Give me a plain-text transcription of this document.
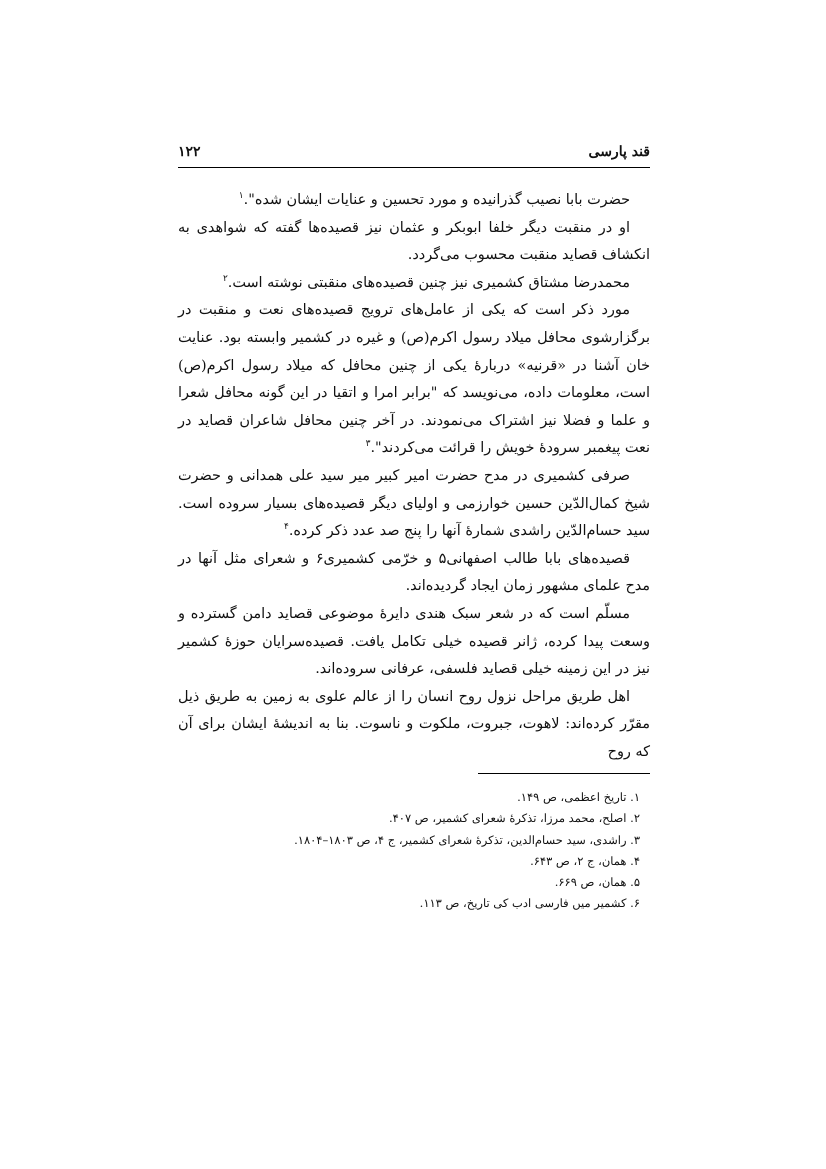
قند پارسی
۱۲۲

حضرت بابا نصیب گذرانیده و مورد تحسین و عنایات ایشان شده".$^۱$

او در منقبت دیگر خلفا ابوبکر و عثمان نیز قصیده‌ها گفته که شواهدی به انکشاف قصاید منقبت محسوب می‌گردد.

محمدرضا مشتاق کشمیری نیز چنین قصیده‌های منقبتی نوشته است.$^۲$

مورد ذکر است که یکی از عامل‌های ترویج قصیده‌های نعت و منقبت در برگزارشوی محافل میلاد رسول اکرم(ص) و غیره در کشمیر وابسته بود. عنایت خان آشنا در «قرنیه» دربارهٔ یکی از چنین محافل که میلاد رسول اکرم(ص) است، معلومات داده، می‌نویسد که "برابر امرا و اتقیا در این گونه محافل شعرا و علما و فضلا نیز اشتراک می‌نمودند. در آخر چنین محافل شاعران قصاید در نعت پیغمبر سرودهٔ خویش را قرائت می‌کردند".$^۳$

صرفی کشمیری در مدح حضرت امیر کبیر میر سید علی همدانی و حضرت شیخ کمال‌الدّین حسین خوارزمی و اولیای دیگر قصیده‌های بسیار سروده است. سید حسام‌الدّین راشدی شمارهٔ آنها را پنج صد عدد ذکر کرده.$^۴$

قصیده‌های بابا طالب اصفهانی۵ و خرّمی کشمیری۶ و شعرای مثل آنها در مدح علمای مشهور زمان ایجاد گردیده‌اند.

مسلّم است که در شعر سبک هندی دایرهٔ موضوعی قصاید دامن گسترده و وسعت پیدا کرده، ژانر قصیده خیلی تکامل یافت. قصیده‌سرایان حوزهٔ کشمیر نیز در این زمینه خیلی قصاید فلسفی، عرفانی سروده‌اند.

اهل طریق مراحل نزول روح انسان را از عالم علوی به زمین به طریق ذیل مقرّر کرده‌اند: لاهوت، جبروت، ملکوت و ناسوت. بنا به اندیشهٔ ایشان برای آن که روح

۱. تاریخ اعظمی، ص ۱۴۹.
۲. اصلح، محمد مرزا، تذکرهٔ شعرای کشمیر، ص ۴۰۷.
۳. راشدی، سید حسام‌الدین، تذکرهٔ شعرای کشمیر، ج ۴، ص ۱۸۰۳–۱۸۰۴.
۴. همان، ج ۲، ص ۶۴۳.
۵. همان، ص ۶۶۹.
۶. کشمیر میں فارسی ادب کی تاریخ، ص ۱۱۳.
